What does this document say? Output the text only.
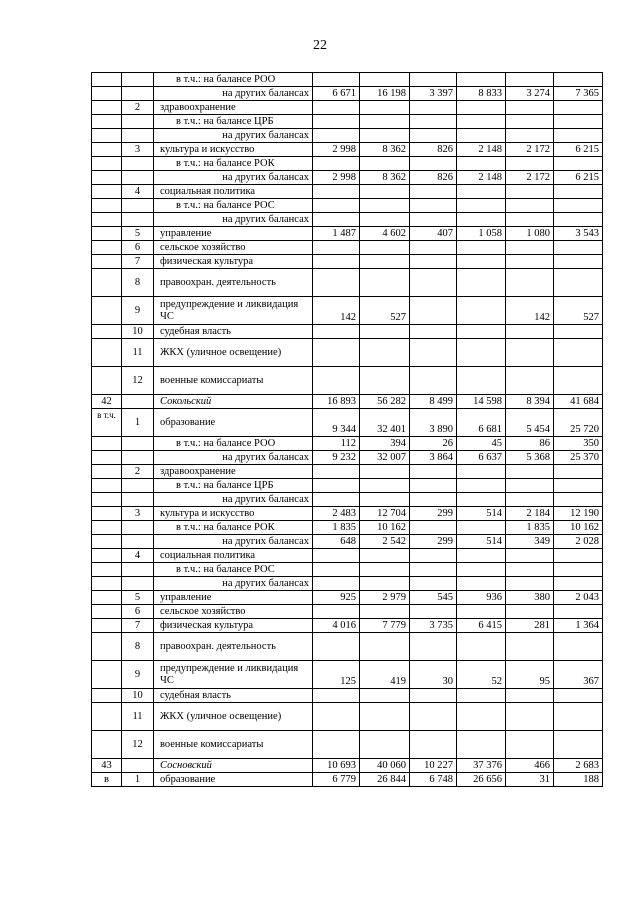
22
		в т.ч.: на балансе РОО						
		на других балансах	6 671	16 198	3 397	8 833	3 274	7 365
	2	здравоохранение						
		в т.ч.: на балансе ЦРБ						
		на других балансах						
	3	культура и искусство	2 998	8 362	826	2 148	2 172	6 215
		в т.ч.: на балансе РОК						
		на других балансах	2 998	8 362	826	2 148	2 172	6 215
	4	социальная политика						
		в т.ч.: на балансе РОС						
		на других балансах						
	5	управление	1 487	4 602	407	1 058	1 080	3 543
	6	сельское хозяйство						
	7	физическая культура						
	8	правоохран. деятельность						
	9	предупреждение и ликвидация ЧС	142	527			142	527
	10	судебная власть						
	11	ЖКХ (уличное освещение)						
	12	военные комиссариаты						
42		Сокольский	16 893	56 282	8 499	14 598	8 394	41 684
в т.ч.	1	образование	9 344	32 401	3 890	6 681	5 454	25 720
		в т.ч.: на балансе РОО	112	394	26	45	86	350
		на других балансах	9 232	32 007	3 864	6 637	5 368	25 370
	2	здравоохранение						
		в т.ч.: на балансе ЦРБ						
		на других балансах						
	3	культура и искусство	2 483	12 704	299	514	2 184	12 190
		в т.ч.: на балансе РОК	1 835	10 162			1 835	10 162
		на других балансах	648	2 542	299	514	349	2 028
	4	социальная политика						
		в т.ч.: на балансе РОС						
		на других балансах						
	5	управление	925	2 979	545	936	380	2 043
	6	сельское хозяйство						
	7	физическая культура	4 016	7 779	3 735	6 415	281	1 364
	8	правоохран. деятельность						
	9	предупреждение и ликвидация ЧС	125	419	30	52	95	367
	10	судебная власть						
	11	ЖКХ (уличное освещение)						
	12	военные комиссариаты						
43		Сосновский	10 693	40 060	10 227	37 376	466	2 683
в	1	образование	6 779	26 844	6 748	26 656	31	188
